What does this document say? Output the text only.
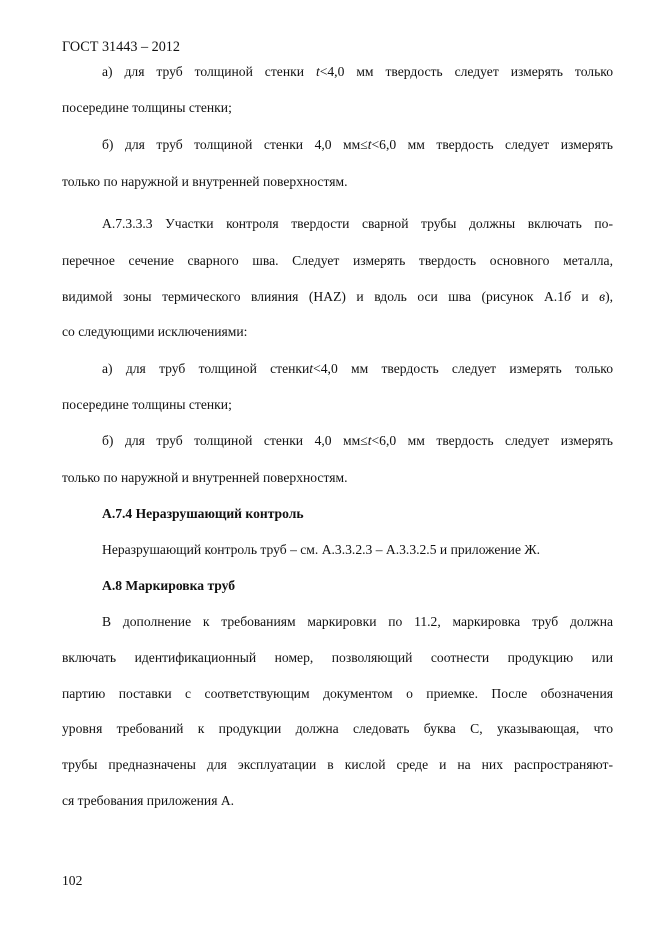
ГОСТ 31443 – 2012
а) для труб толщиной стенки t<4,0 мм твердость следует измерять только
посередине толщины стенки;
б) для труб толщиной стенки 4,0 мм≤t<6,0 мм твердость следует измерять
только по наружной и внутренней поверхностям.
А.7.3.3.3 Участки контроля твердости сварной трубы должны включать по-
перечное сечение сварного шва. Следует измерять твердость основного металла,
видимой зоны термического влияния (HAZ) и вдоль оси шва (рисунок А.1б и в),
со следующими исключениями:
а) для труб толщиной стенкиt<4,0 мм твердость следует измерять только
посередине толщины стенки;
б) для труб толщиной стенки 4,0 мм≤t<6,0 мм твердость следует измерять
только по наружной и внутренней поверхностям.
А.7.4 Неразрушающий контроль
Неразрушающий контроль труб – см. А.3.3.2.3 – А.3.3.2.5 и приложение Ж.
А.8 Маркировка труб
В дополнение к требованиям маркировки по 11.2, маркировка труб должна
включать идентификационный номер, позволяющий соотнести продукцию или
партию поставки с соответствующим документом о приемке. После обозначения
уровня требований к продукции должна следовать буква С, указывающая, что
трубы предназначены для эксплуатации в кислой среде и на них распространяют-
ся требования приложения А.
102
